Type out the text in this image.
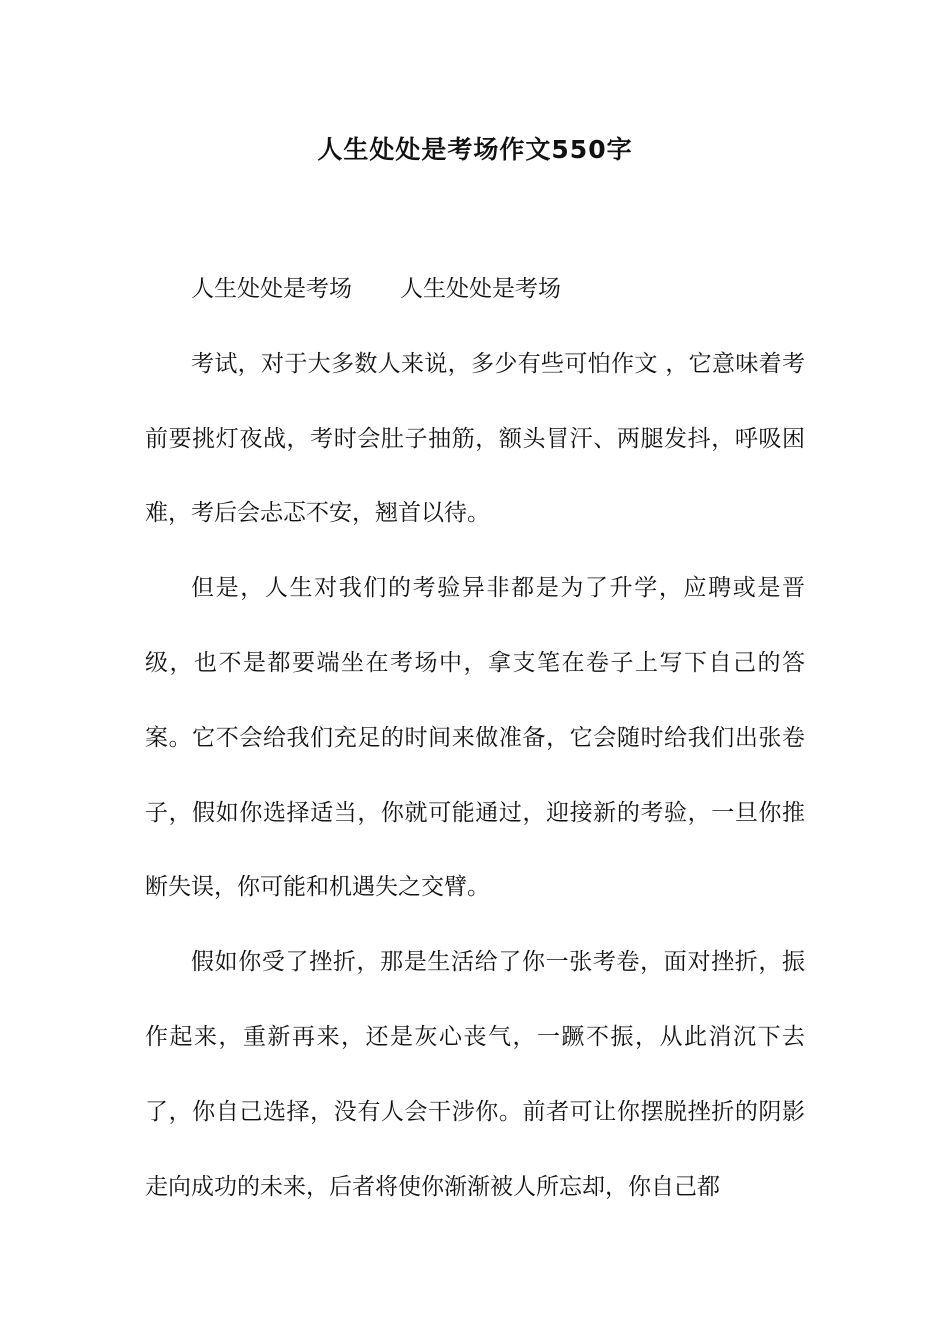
人生处处是考场作文550字

人生处处是考场 人生处处是考场

考试，对于大多数人来说，多少有些可怕作文 ，它意味着考前要挑灯夜战，考时会肚子抽筋，额头冒汗、两腿发抖，呼吸困难，考后会忐忑不安，翘首以待。

但是，人生对我们的考验异非都是为了升学，应聘或是晋级，也不是都要端坐在考场中，拿支笔在卷子上写下自己的答案。它不会给我们充足的时间来做准备，它会随时给我们出张卷子，假如你选择适当，你就可能通过，迎接新的考验，一旦你推断失误，你可能和机遇失之交臂。

假如你受了挫折，那是生活给了你一张考卷，面对挫折，振作起来，重新再来，还是灰心丧气，一蹶不振，从此消沉下去了，你自己选择，没有人会干涉你。前者可让你摆脱挫折的阴影走向成功的未来，后者将使你渐渐被人所忘却，你自己都
